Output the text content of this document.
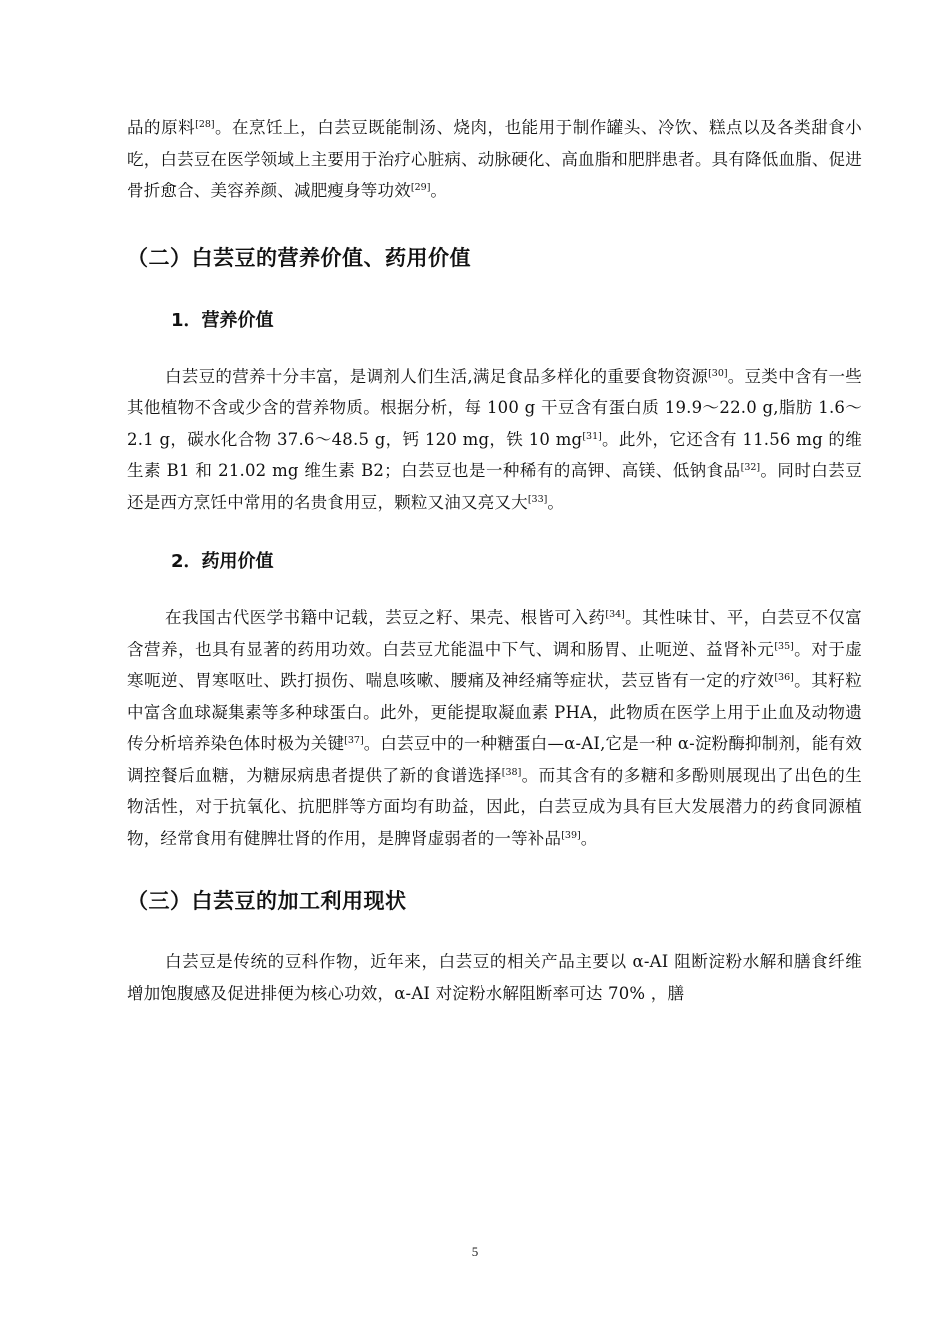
品的原料[28]。在烹饪上，白芸豆既能制汤、烧肉，也能用于制作罐头、冷饮、糕点以及各类甜食小吃，白芸豆在医学领域上主要用于治疗心脏病、动脉硬化、高血脂和肥胖患者。具有降低血脂、促进骨折愈合、美容养颜、减肥瘦身等功效[29]。

（二）白芸豆的营养价值、药用价值
1．营养价值

白芸豆的营养十分丰富，是调剂人们生活,满足食品多样化的重要食物资源[30]。豆类中含有一些其他植物不含或少含的营养物质。根据分析，每 100 g 干豆含有蛋白质 19.9～22.0 g,脂肪 1.6～2.1 g，碳水化合物 37.6～48.5 g，钙 120 mg，铁 10 mg[31]。此外，它还含有 11.56 mg 的维生素 B1 和 21.02 mg 维生素 B2；白芸豆也是一种稀有的高钾、高镁、低钠食品[32]。同时白芸豆还是西方烹饪中常用的名贵食用豆，颗粒又油又亮又大[33]。

2．药用价值

在我国古代医学书籍中记载，芸豆之籽、果壳、根皆可入药[34]。其性味甘、平，白芸豆不仅富含营养，也具有显著的药用功效。白芸豆尤能温中下气、调和肠胃、止呃逆、益肾补元[35]。对于虚寒呃逆、胃寒呕吐、跌打损伤、喘息咳嗽、腰痛及神经痛等症状，芸豆皆有一定的疗效[36]。其籽粒中富含血球凝集素等多种球蛋白。此外，更能提取凝血素 PHA，此物质在医学上用于止血及动物遗传分析培养染色体时极为关键[37]。白芸豆中的一种糖蛋白—α-AI,它是一种 α-淀粉酶抑制剂，能有效调控餐后血糖，为糖尿病患者提供了新的食谱选择[38]。而其含有的多糖和多酚则展现出了出色的生物活性，对于抗氧化、抗肥胖等方面均有助益，因此，白芸豆成为具有巨大发展潜力的药食同源植物，经常食用有健脾壮肾的作用，是脾肾虚弱者的一等补品[39]。

（三）白芸豆的加工利用现状

白芸豆是传统的豆科作物，近年来，白芸豆的相关产品主要以 α-AI 阻断淀粉水解和膳食纤维增加饱腹感及促进排便为核心功效，α-AI 对淀粉水解阻断率可达 70% ，膳

5
